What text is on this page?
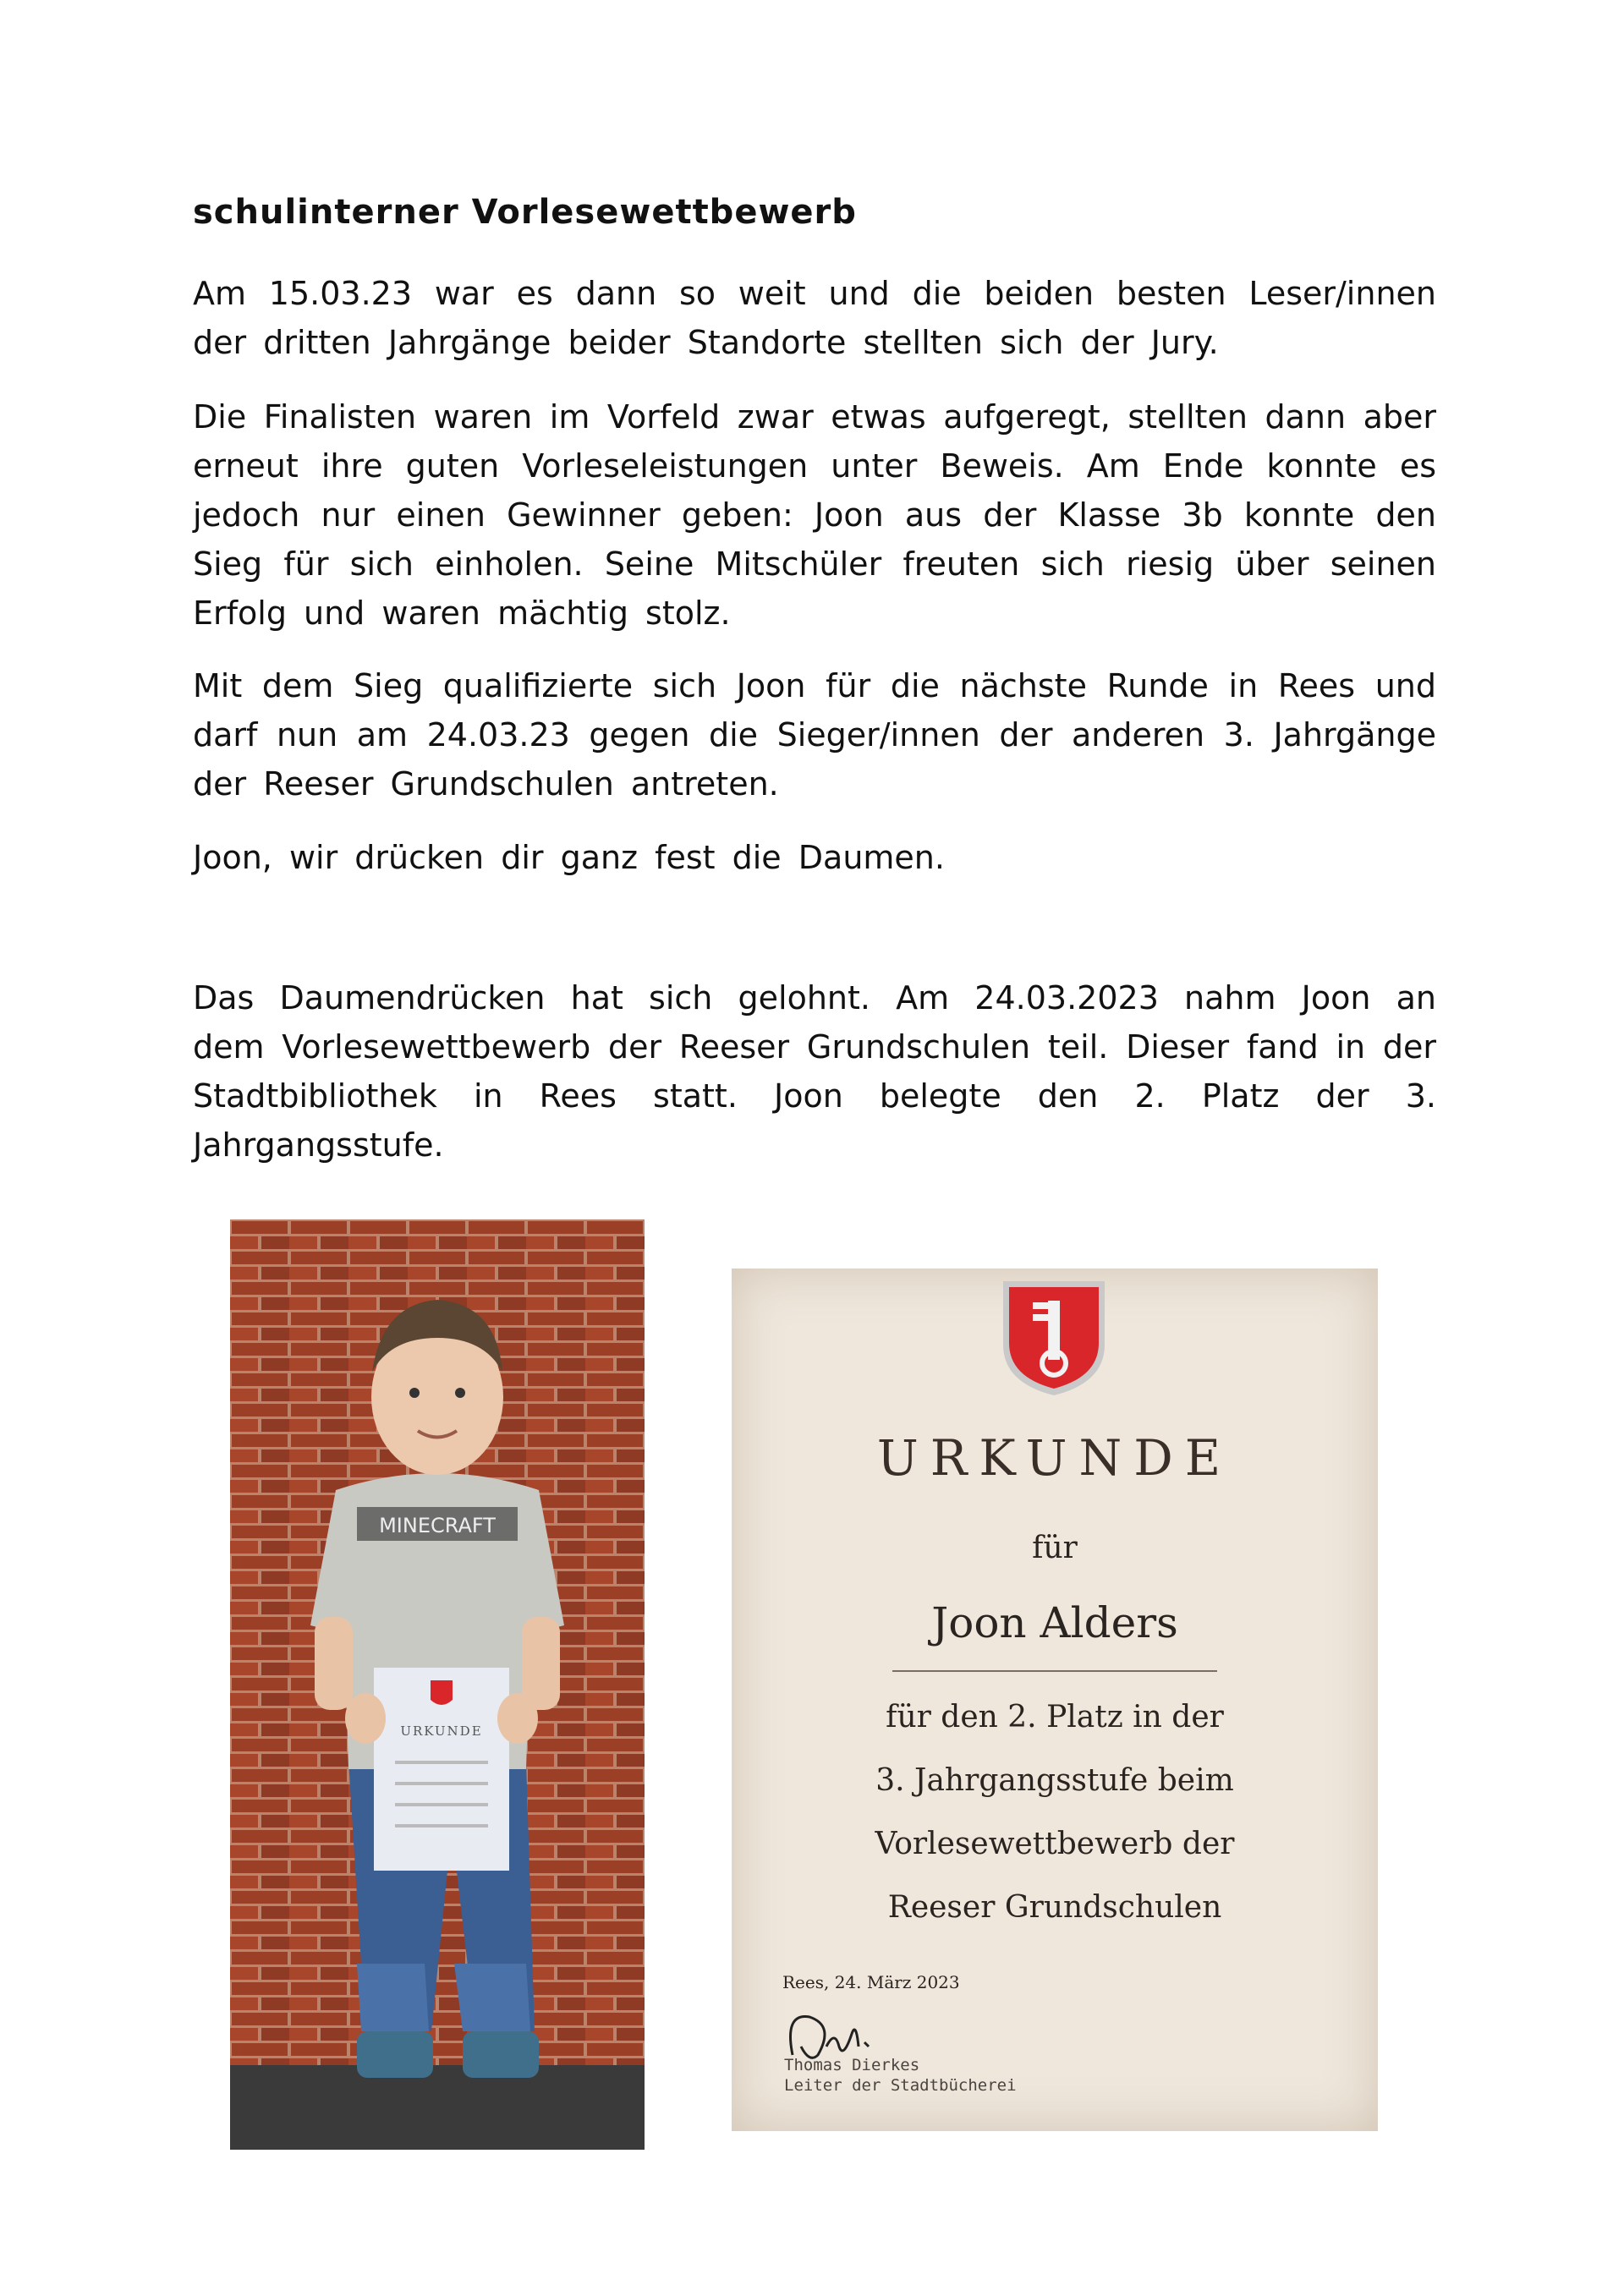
schulinterner Vorlesewettbewerb

Am 15.03.23 war es dann so weit und die beiden besten Leser/innen der dritten Jahrgänge beider Standorte stellten sich der Jury.

Die Finalisten waren im Vorfeld zwar etwas aufgeregt, stellten dann aber erneut ihre guten Vorleseleistungen unter Beweis. Am Ende konnte es jedoch nur einen Gewinner geben: Joon aus der Klasse 3b konnte den Sieg für sich einholen. Seine Mitschüler freuten sich riesig über seinen Erfolg und waren mächtig stolz.

Mit dem Sieg qualifizierte sich Joon für die nächste Runde in Rees und darf nun am 24.03.23 gegen die Sieger/innen der anderen 3. Jahrgänge der Reeser Grundschulen antreten.

Joon, wir drücken dir ganz fest die Daumen.

Das Daumendrücken hat sich gelohnt. Am 24.03.2023 nahm Joon an dem Vorlesewettbewerb der Reeser Grundschulen teil. Dieser fand in der Stadtbibliothek in Rees statt. Joon belegte den 2. Platz der 3. Jahrgangsstufe.

MINECRAFT
URKUNDE
URKUNDE
für
Joon Alders
für den 2. Platz in der
3. Jahrgangsstufe beim
Vorlesewettbewerb der
Reeser Grundschulen
Rees, 24. März 2023
Thomas Dierkes
Leiter der Stadtbücherei
